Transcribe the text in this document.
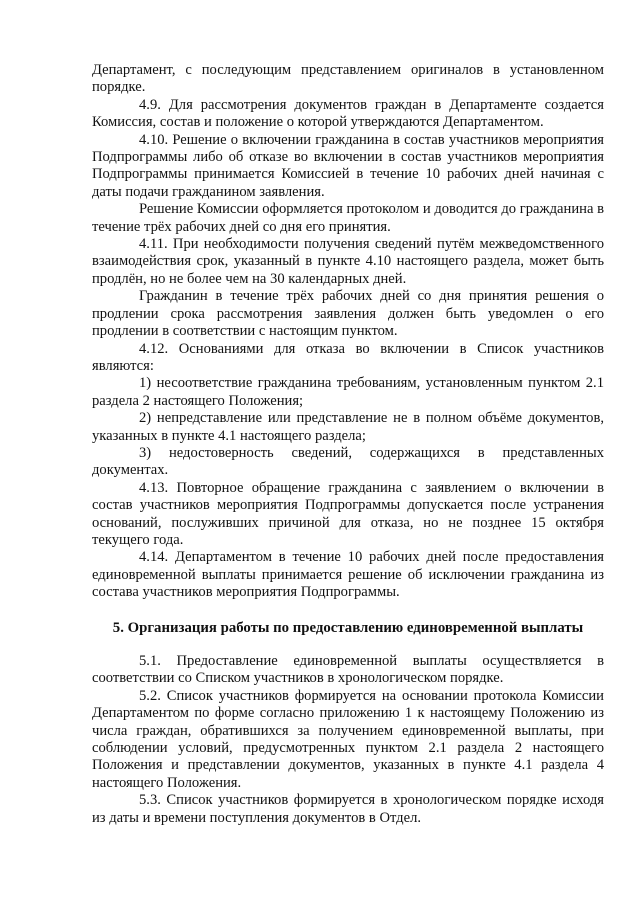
Департамент, с последующим представлением оригиналов в установленном порядке.

4.9. Для рассмотрения документов граждан в Департаменте создается Комиссия, состав и положение о которой утверждаются Департаментом.

4.10. Решение о включении гражданина в состав участников мероприятия Подпрограммы либо об отказе во включении в состав участников мероприятия Подпрограммы принимается Комиссией в течение 10 рабочих дней начиная с даты подачи гражданином заявления.

Решение Комиссии оформляется протоколом и доводится до гражданина в течение трёх рабочих дней со дня его принятия.

4.11. При необходимости получения сведений путём межведомственного взаимодействия срок, указанный в пункте 4.10 настоящего раздела, может быть продлён, но не более чем на 30 календарных дней.

Гражданин в течение трёх рабочих дней со дня принятия решения о продлении срока рассмотрения заявления должен быть уведомлен о его продлении в соответствии с настоящим пунктом.

4.12. Основаниями для отказа во включении в Список участников являются:

1) несоответствие гражданина требованиям, установленным пунктом 2.1 раздела 2 настоящего Положения;

2) непредставление или представление не в полном объёме документов, указанных в пункте 4.1 настоящего раздела;

3) недостоверность сведений, содержащихся в представленных документах.

4.13. Повторное обращение гражданина с заявлением о включении в состав участников мероприятия Подпрограммы допускается после устранения оснований, послуживших причиной для отказа, но не позднее 15 октября текущего года.

4.14. Департаментом в течение 10 рабочих дней после предоставления единовременной выплаты принимается решение об исключении гражданина из состава участников мероприятия Подпрограммы.

5. Организация работы по предоставлению единовременной выплаты

5.1. Предоставление единовременной выплаты осуществляется в соответствии со Списком участников в хронологическом порядке.

5.2. Список участников формируется на основании протокола Комиссии Департаментом по форме согласно приложению 1 к настоящему Положению из числа граждан, обратившихся за получением единовременной выплаты, при соблюдении условий, предусмотренных пунктом 2.1 раздела 2 настоящего Положения и представлении документов, указанных в пункте 4.1 раздела 4 настоящего Положения.

5.3. Список участников формируется в хронологическом порядке исходя из даты и времени поступления документов в Отдел.
